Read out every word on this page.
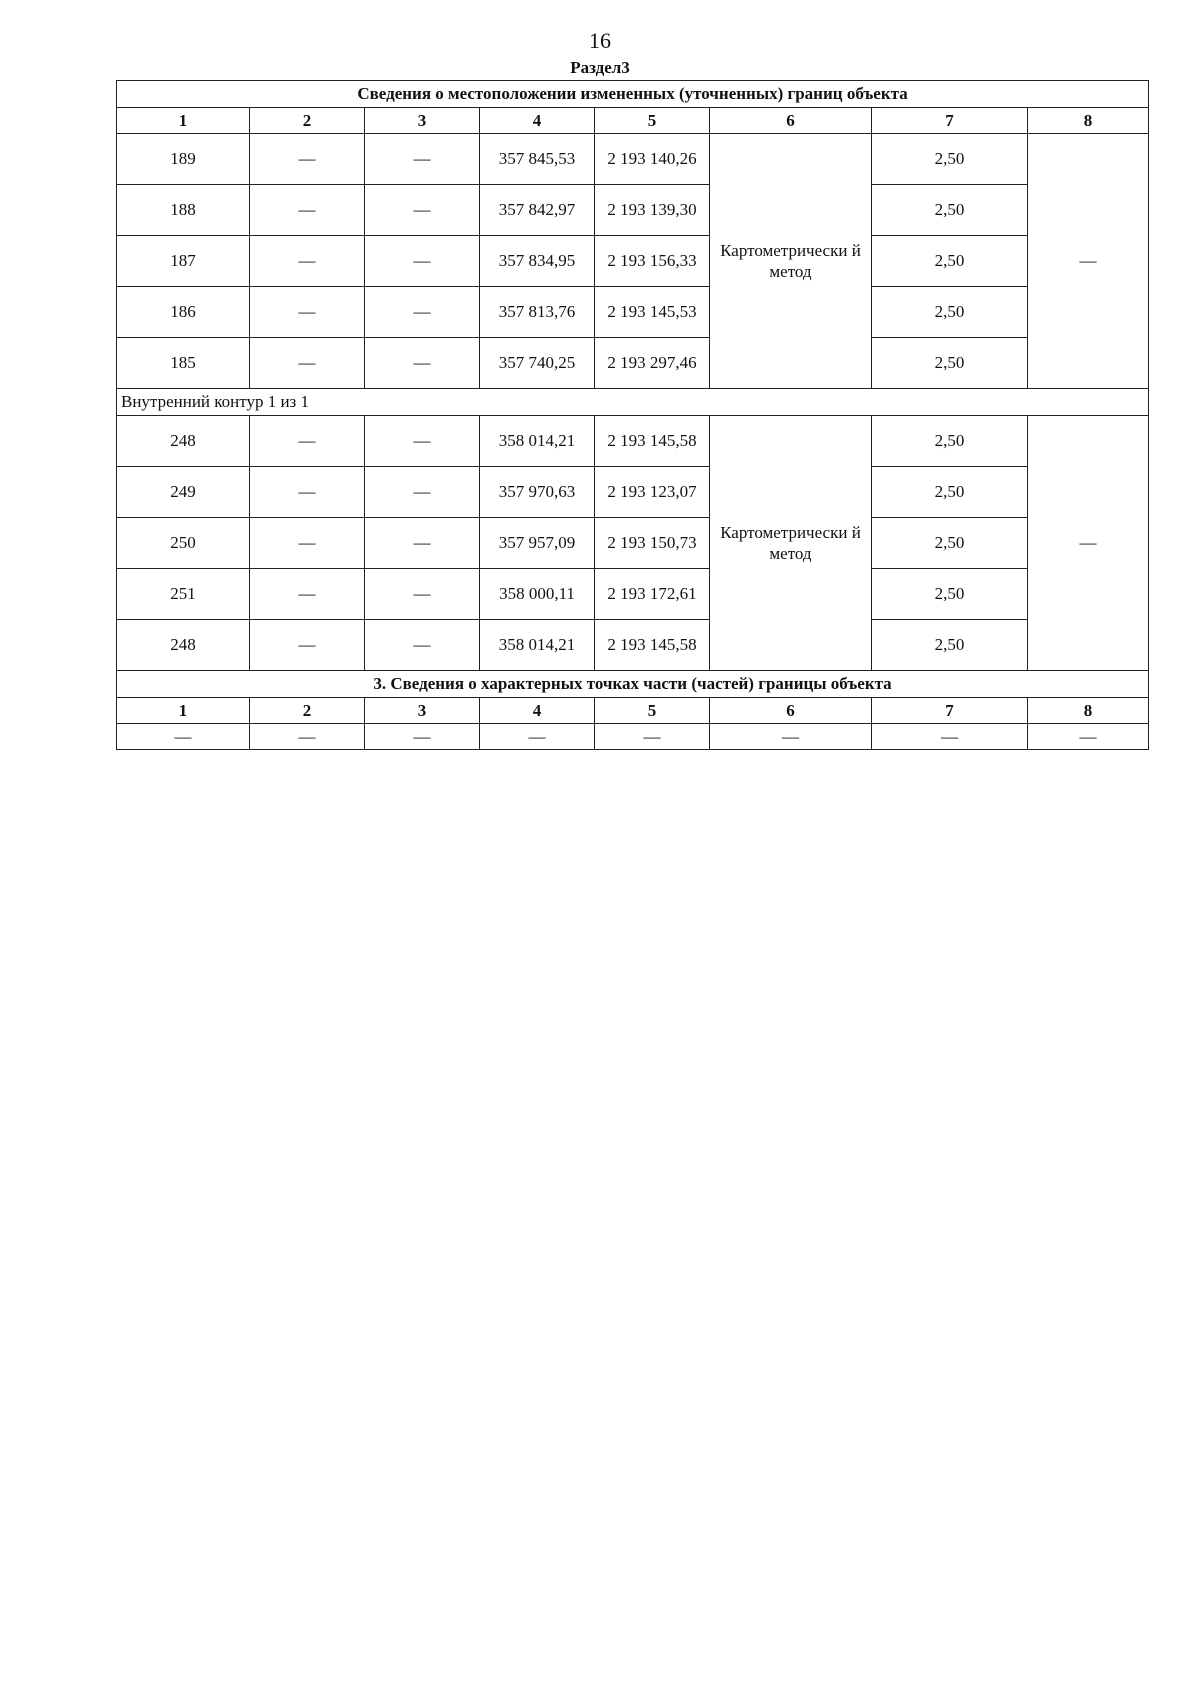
16
Раздел3
Сведения о местоположении измененных (уточненных) границ объекта							
1	2	3	4	5	6	7	8
189	—	—	357 845,53	2 193 140,26	Картометрически й метод	2,50	—
188	—	—	357 842,97	2 193 139,30		2,50	
187	—	—	357 834,95	2 193 156,33		2,50	
186	—	—	357 813,76	2 193 145,53		2,50	
185	—	—	357 740,25	2 193 297,46		2,50	
Внутренний контур 1 из 1							
248	—	—	358 014,21	2 193 145,58	Картометрически й метод	2,50	—
249	—	—	357 970,63	2 193 123,07		2,50	
250	—	—	357 957,09	2 193 150,73		2,50	
251	—	—	358 000,11	2 193 172,61		2,50	
248	—	—	358 014,21	2 193 145,58		2,50	
3. Сведения о характерных точках части (частей) границы объекта							
1	2	3	4	5	6	7	8
—	—	—	—	—	—	—	—
